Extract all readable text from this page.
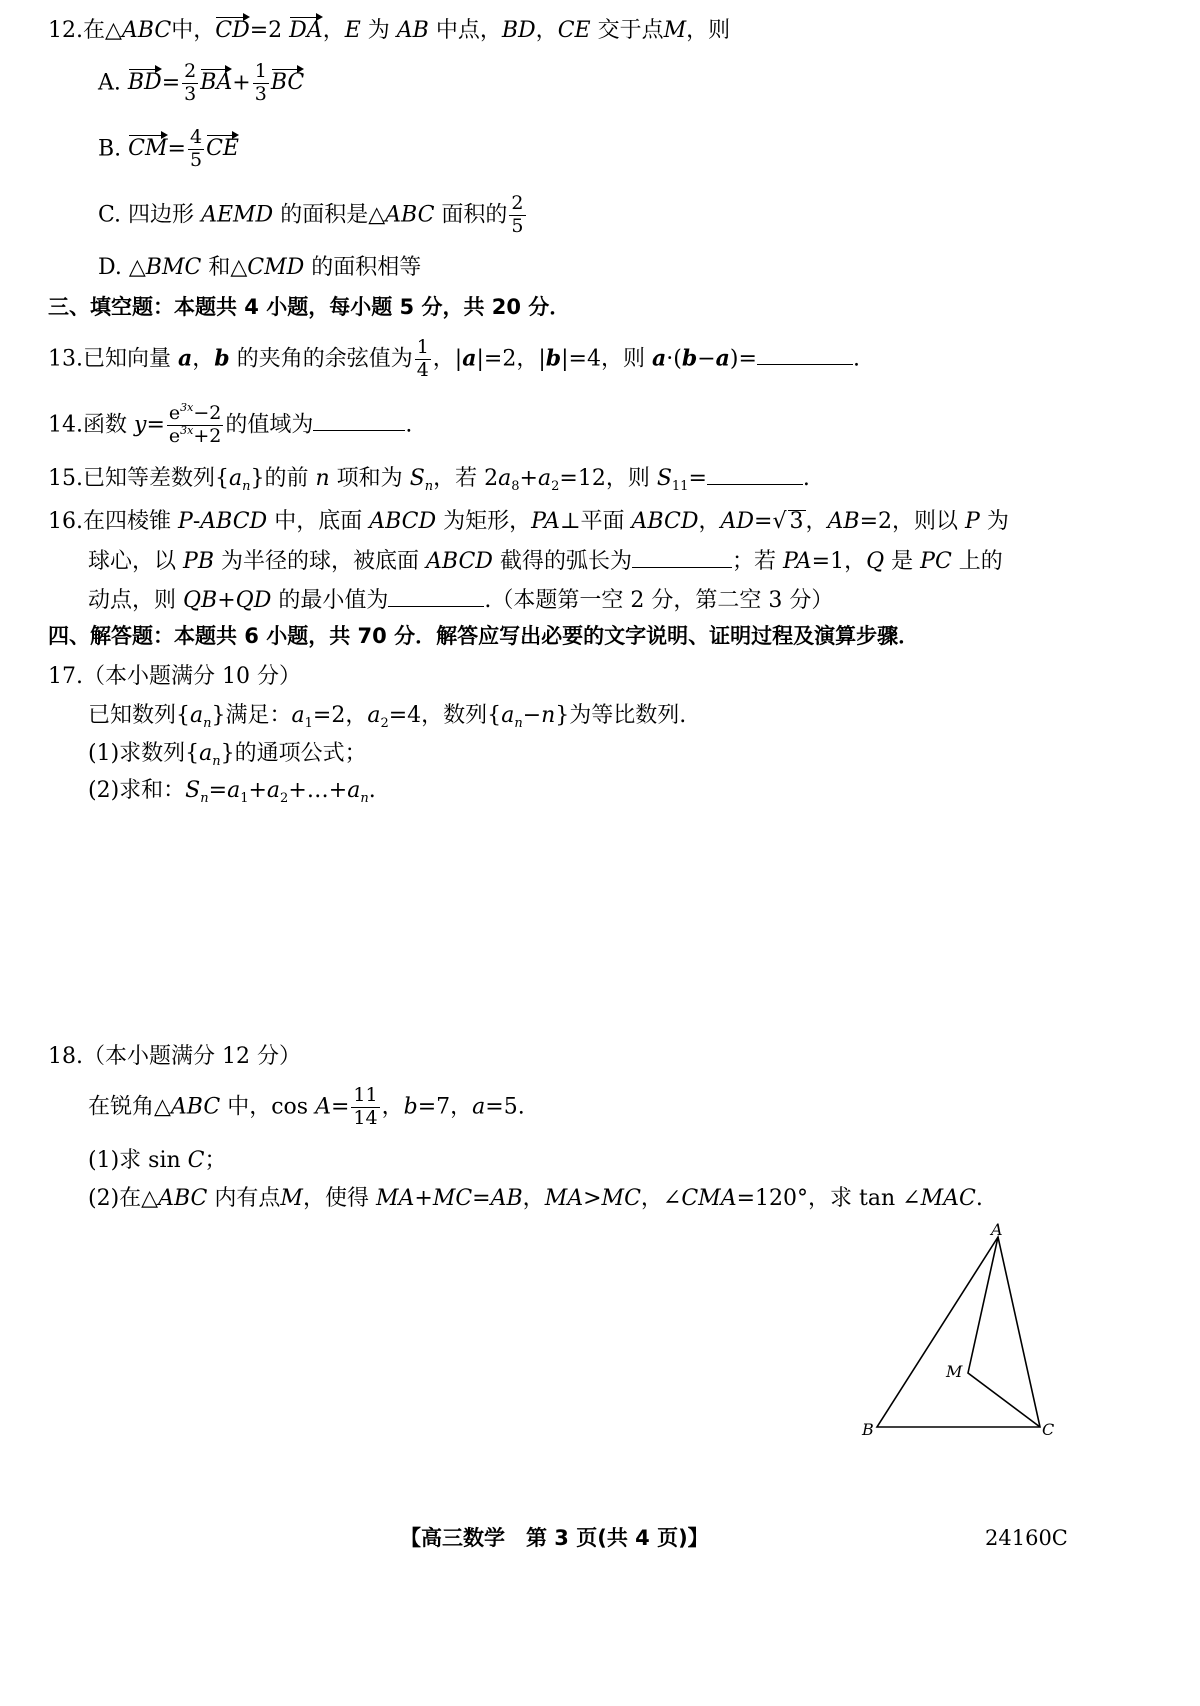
12.在△ABC中，CD=2 DA，E 为 AB 中点，BD，CE 交于点M，则
A. $BD= \frac{2}{3} BA+ \frac{1}{3}$ BC
B. $CM= \frac{4}{5}$ CE
C. 四边形 AEMD 的面积是△ABC 面积的 $\frac{2}{5}$
D. △BMC 和△CMD 的面积相等
三、填空题：本题共 4 小题，每小题 5 分，共 20 分．
13.已知向量 a，b 的夹角的余弦值为 $\frac{1}{4}$ ，|a|=2，|b|=4，则 a·(b−a)=	.
14.函数 $y= \frac{e^{3x}-2}{e^{3x}+2}$ 的值域为	.
15.已知等差数列$\{a_n\}$的前 n 项和为 $S_n$，若 $2a_8+a_2=12$，则 $S_{11}=$	.
16.在四棱锥 P-ABCD 中，底面 ABCD 为矩形，PA⊥平面 ABCD，AD=√ 3，AB=2，则以 P 为
球心，以 PB 为半径的球，被底面 ABCD 截得的弧长为	；若 PA=1，Q 是 PC 上的
动点，则 QB+QD 的最小值为	.（本题第一空 2 分，第二空 3 分）
四、解答题：本题共 6 小题，共 70 分．解答应写出必要的文字说明、证明过程及演算步骤．
17.（本小题满分 10 分）
已知数列$\{a_n\}$满足：$a_1=2$，$a_2=4$，数列$\{a_n-n\}$为等比数列.
(1)求数列$\{a_n\}$的通项公式；
(2)求和：$S_n=a_1+a_2+\dots+a_n$.
18.（本小题满分 12 分）
在锐角△ABC 中，$\cos A= \frac{11}{14}$ ，b=7，a=5.
(1)求 sin C；
(2)在△ABC 内有点M，使得 MA+MC=AB，MA>MC，∠CMA=120°，求 tan ∠MAC.
A
B	C
M
【高三数学　第 3 页(共 4 页)】	24160C
